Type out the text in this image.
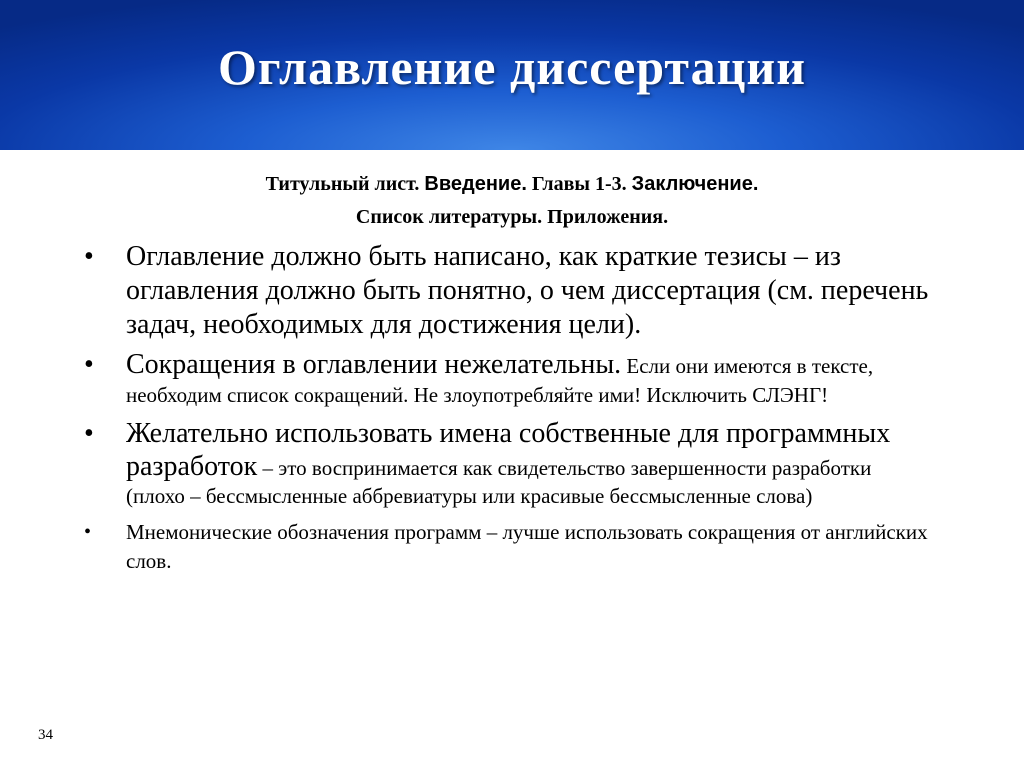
Оглавление диссертации
Титульный лист. Введение. Главы 1-3. Заключение.
Список литературы. Приложения.
• Оглавление должно быть написано, как краткие тезисы – из оглавления должно быть понятно, о чем диссертация (см. перечень задач, необходимых для достижения цели).
• Сокращения в оглавлении нежелательны. Если они имеются в тексте, необходим список сокращений. Не злоупотребляйте ими! Исключить СЛЭНГ!
• Желательно использовать имена собственные для программных разработок – это воспринимается как свидетельство завершенности разработки (плохо – бессмысленные аббревиатуры или красивые бессмысленные слова)
• Мнемонические обозначения программ – лучше использовать сокращения от английских слов.
34
